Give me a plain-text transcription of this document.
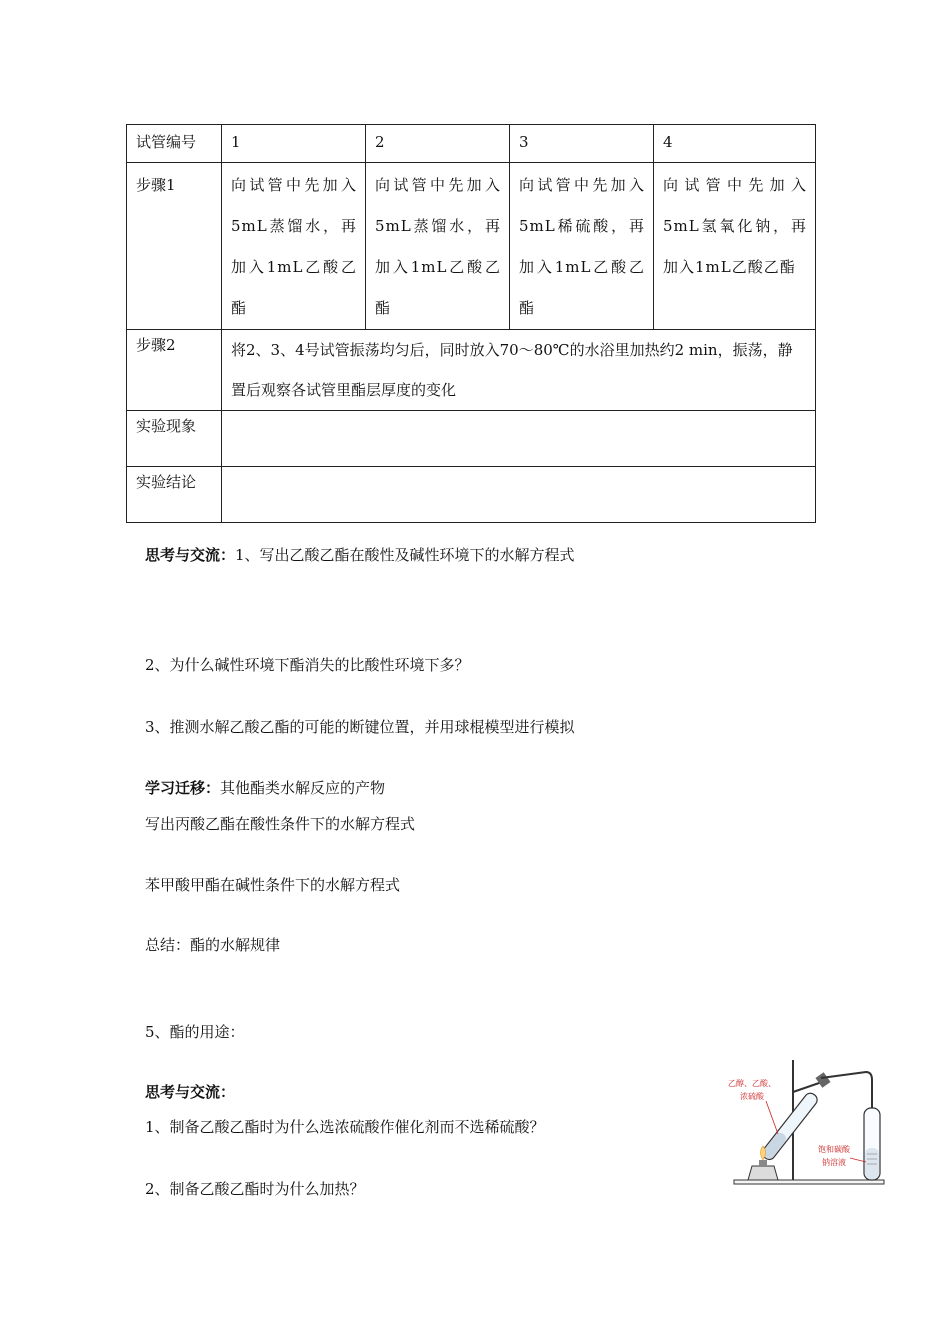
试管编号	1	2	3	4
步骤1	向试管中先加入5mL蒸馏水，再加入1mL乙酸乙酯	向试管中先加入5mL蒸馏水，再加入1mL乙酸乙酯	向试管中先加入5mL稀硫酸，再加入1mL乙酸乙酯	向试管中先加入5mL氢氧化钠，再加入1mL乙酸乙酯
步骤2	将2、3、4号试管振荡均匀后，同时放入70～80℃的水浴里加热约2 min，振荡，静置后观察各试管里酯层厚度的变化			
实验现象				
实验结论				
思考与交流：1、写出乙酸乙酯在酸性及碱性环境下的水解方程式
2、为什么碱性环境下酯消失的比酸性环境下多？
3、推测水解乙酸乙酯的可能的断键位置，并用球棍模型进行模拟
学习迁移：其他酯类水解反应的产物
写出丙酸乙酯在酸性条件下的水解方程式
苯甲酸甲酯在碱性条件下的水解方程式
总结：酯的水解规律
5、酯的用途：
思考与交流：
1、制备乙酸乙酯时为什么选浓硫酸作催化剂而不选稀硫酸？
2、制备乙酸乙酯时为什么加热？
乙醇、乙酸、
浓硫酸
饱和碳酸
钠溶液
